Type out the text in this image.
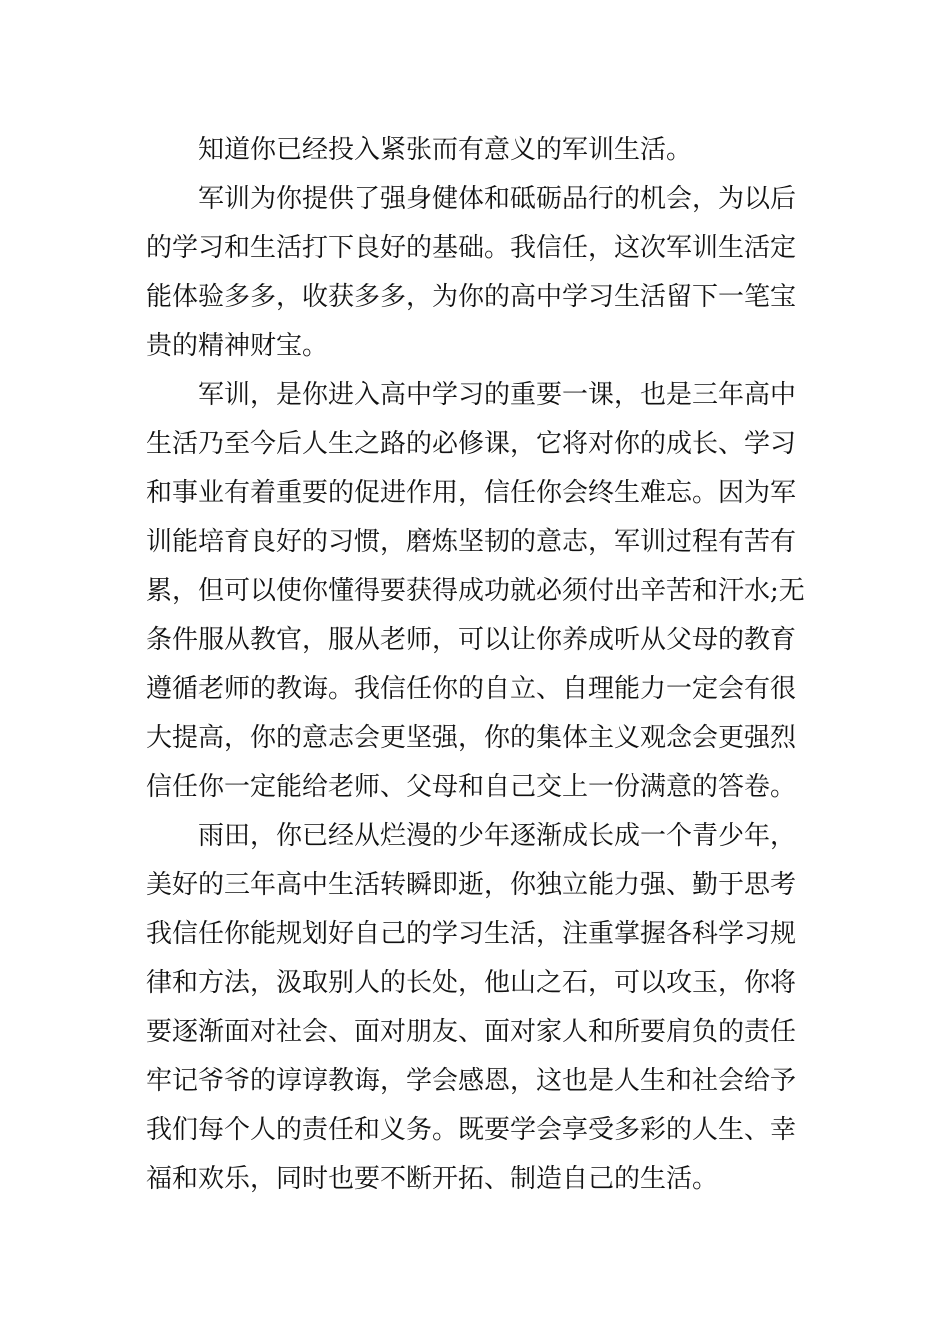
知道你已经投入紧张而有意义的军训生活。
军训为你提供了强身健体和砥砺品行的机会，为以后
的学习和生活打下良好的基础。我信任，这次军训生活定
能体验多多，收获多多，为你的高中学习生活留下一笔宝
贵的精神财宝。
军训，是你进入高中学习的重要一课，也是三年高中
生活乃至今后人生之路的必修课，它将对你的成长、学习
和事业有着重要的促进作用，信任你会终生难忘。因为军
训能培育良好的习惯，磨炼坚韧的意志，军训过程有苦有
累，但可以使你懂得要获得成功就必须付出辛苦和汗水;无
条件服从教官，服从老师，可以让你养成听从父母的教育
遵循老师的教诲。我信任你的自立、自理能力一定会有很
大提高，你的意志会更坚强，你的集体主义观念会更强烈
信任你一定能给老师、父母和自己交上一份满意的答卷。
雨田，你已经从烂漫的少年逐渐成长成一个青少年，
美好的三年高中生活转瞬即逝，你独立能力强、勤于思考
我信任你能规划好自己的学习生活，注重掌握各科学习规
律和方法，汲取别人的长处，他山之石，可以攻玉，你将
要逐渐面对社会、面对朋友、面对家人和所要肩负的责任
牢记爷爷的谆谆教诲，学会感恩，这也是人生和社会给予
我们每个人的责任和义务。既要学会享受多彩的人生、幸
福和欢乐，同时也要不断开拓、制造自己的生活。
